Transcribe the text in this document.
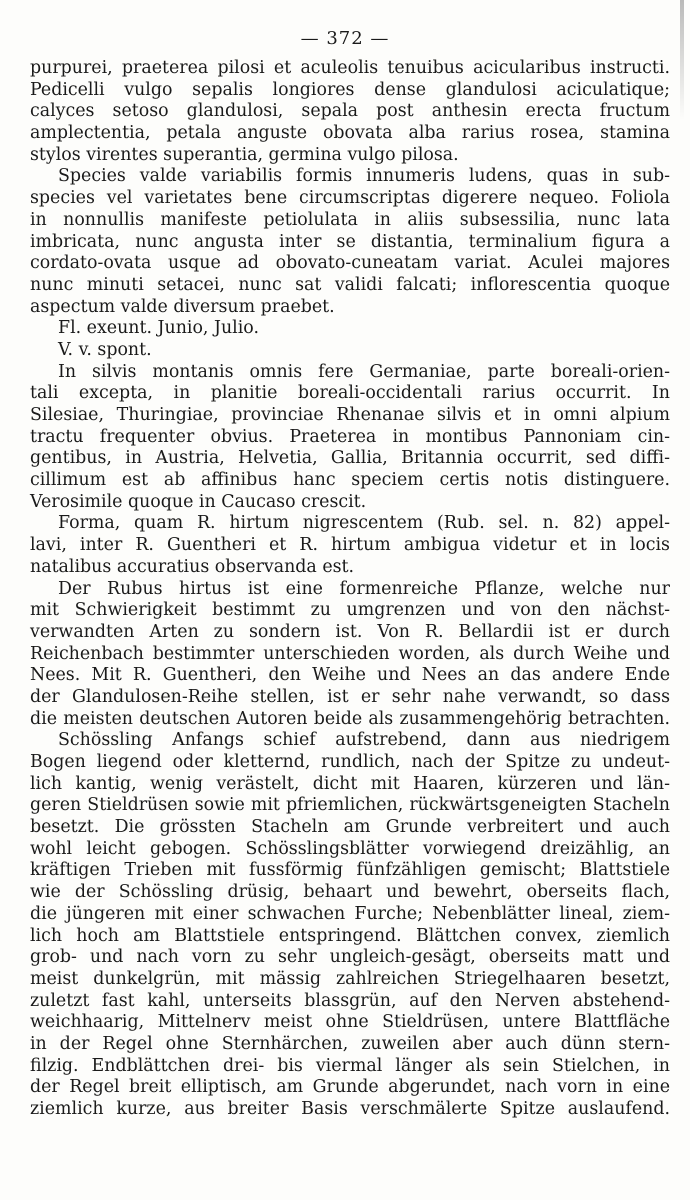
— 372 —
purpurei, praeterea pilosi et aculeolis tenuibus acicularibus instructi.
Pedicelli vulgo sepalis longiores dense glandulosi aciculatique;
calyces setoso glandulosi, sepala post anthesin erecta fructum
amplectentia, petala anguste obovata alba rarius rosea, stamina
stylos virentes superantia, germina vulgo pilosa.
Species valde variabilis formis innumeris ludens, quas in sub-
species vel varietates bene circumscriptas digerere nequeo. Foliola
in nonnullis manifeste petiolulata in aliis subsessilia, nunc lata
imbricata, nunc angusta inter se distantia, terminalium figura a
cordato-ovata usque ad obovato-cuneatam variat. Aculei majores
nunc minuti setacei, nunc sat validi falcati; inflorescentia quoque
aspectum valde diversum praebet.
Fl. exeunt. Junio, Julio.
V. v. spont.
In silvis montanis omnis fere Germaniae, parte boreali-orien-
tali excepta, in planitie boreali-occidentali rarius occurrit. In
Silesiae, Thuringiae, provinciae Rhenanae silvis et in omni alpium
tractu frequenter obvius. Praeterea in montibus Pannoniam cin-
gentibus, in Austria, Helvetia, Gallia, Britannia occurrit, sed diffi-
cillimum est ab affinibus hanc speciem certis notis distinguere.
Verosimile quoque in Caucaso crescit.
Forma, quam R. hirtum nigrescentem (Rub. sel. n. 82) appel-
lavi, inter R. Guentheri et R. hirtum ambigua videtur et in locis
natalibus accuratius observanda est.
Der Rubus hirtus ist eine formenreiche Pflanze, welche nur
mit Schwierigkeit bestimmt zu umgrenzen und von den nächst-
verwandten Arten zu sondern ist. Von R. Bellardii ist er durch
Reichenbach bestimmter unterschieden worden, als durch Weihe und
Nees. Mit R. Guentheri, den Weihe und Nees an das andere Ende
der Glandulosen-Reihe stellen, ist er sehr nahe verwandt, so dass
die meisten deutschen Autoren beide als zusammengehörig betrachten.
Schössling Anfangs schief aufstrebend, dann aus niedrigem
Bogen liegend oder kletternd, rundlich, nach der Spitze zu undeut-
lich kantig, wenig verästelt, dicht mit Haaren, kürzeren und län-
geren Stieldrüsen sowie mit pfriemlichen, rückwärtsgeneigten Stacheln
besetzt. Die grössten Stacheln am Grunde verbreitert und auch
wohl leicht gebogen. Schösslingsblätter vorwiegend dreizählig, an
kräftigen Trieben mit fussförmig fünfzähligen gemischt; Blattstiele
wie der Schössling drüsig, behaart und bewehrt, oberseits flach,
die jüngeren mit einer schwachen Furche; Nebenblätter lineal, ziem-
lich hoch am Blattstiele entspringend. Blättchen convex, ziemlich
grob- und nach vorn zu sehr ungleich-gesägt, oberseits matt und
meist dunkelgrün, mit mässig zahlreichen Striegelhaaren besetzt,
zuletzt fast kahl, unterseits blassgrün, auf den Nerven abstehend-
weichhaarig, Mittelnerv meist ohne Stieldrüsen, untere Blattfläche
in der Regel ohne Sternhärchen, zuweilen aber auch dünn stern-
filzig. Endblättchen drei- bis viermal länger als sein Stielchen, in
der Regel breit elliptisch, am Grunde abgerundet, nach vorn in eine
ziemlich kurze, aus breiter Basis verschmälerte Spitze auslaufend.
